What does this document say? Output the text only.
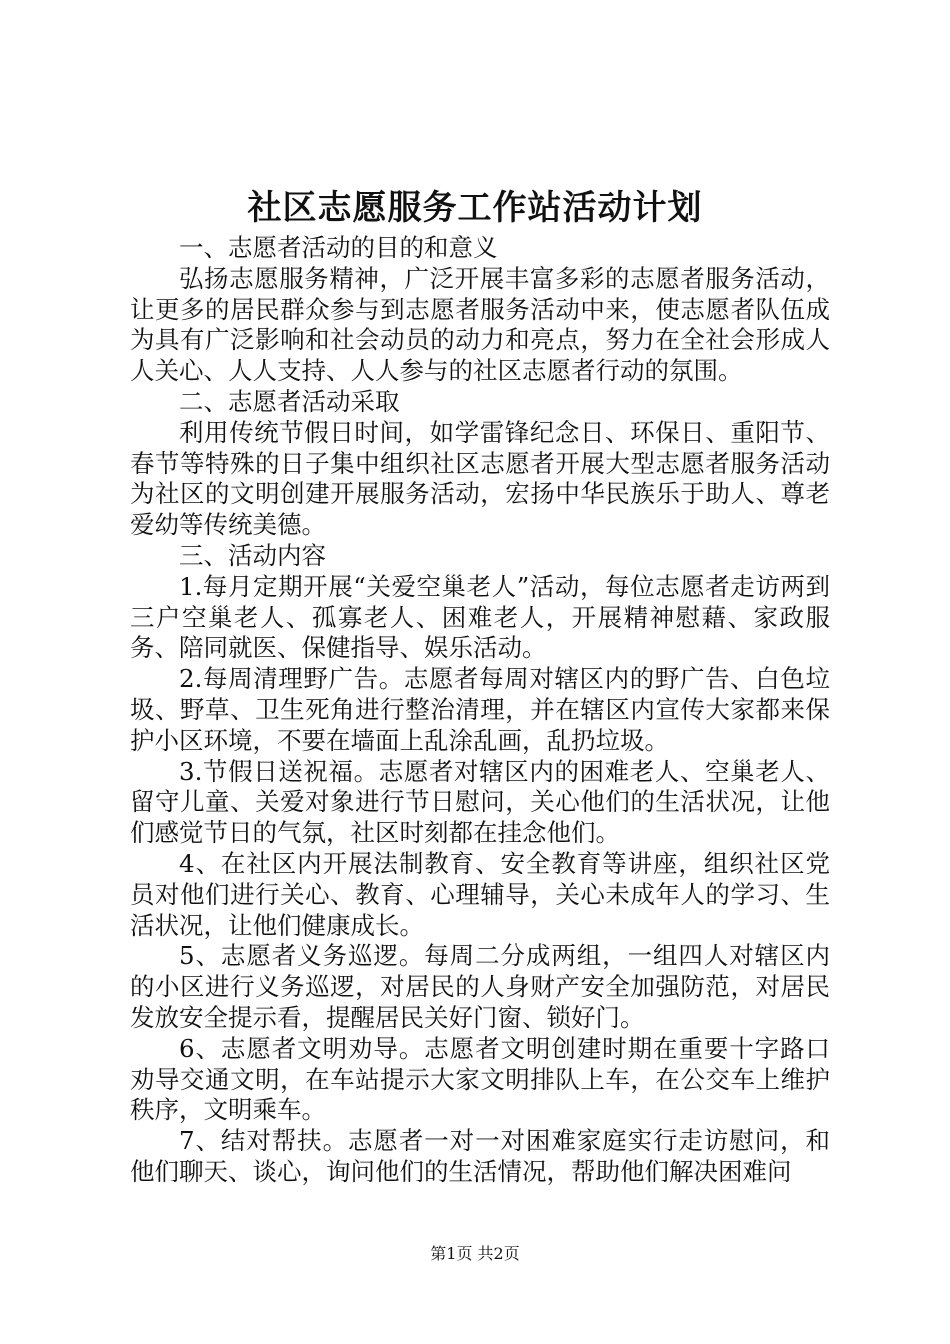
社区志愿服务工作站活动计划

一、志愿者活动的目的和意义

弘扬志愿服务精神，广泛开展丰富多彩的志愿者服务活动，让更多的居民群众参与到志愿者服务活动中来，使志愿者队伍成为具有广泛影响和社会动员的动力和亮点，努力在全社会形成人人关心、人人支持、人人参与的社区志愿者行动的氛围。

二、志愿者活动采取

利用传统节假日时间，如学雷锋纪念日、环保日、重阳节、春节等特殊的日子集中组织社区志愿者开展大型志愿者服务活动为社区的文明创建开展服务活动，宏扬中华民族乐于助人、尊老爱幼等传统美德。

三、活动内容

1.每月定期开展“关爱空巢老人”活动，每位志愿者走访两到三户空巢老人、孤寡老人、困难老人，开展精神慰藉、家政服务、陪同就医、保健指导、娱乐活动。

2.每周清理野广告。志愿者每周对辖区内的野广告、白色垃圾、野草、卫生死角进行整治清理，并在辖区内宣传大家都来保护小区环境，不要在墙面上乱涂乱画，乱扔垃圾。

3.节假日送祝福。志愿者对辖区内的困难老人、空巢老人、留守儿童、关爱对象进行节日慰问，关心他们的生活状况，让他们感觉节日的气氛，社区时刻都在挂念他们。

4、在社区内开展法制教育、安全教育等讲座，组织社区党员对他们进行关心、教育、心理辅导，关心未成年人的学习、生活状况，让他们健康成长。

5、志愿者义务巡逻。每周二分成两组，一组四人对辖区内的小区进行义务巡逻，对居民的人身财产安全加强防范，对居民发放安全提示看，提醒居民关好门窗、锁好门。

6、志愿者文明劝导。志愿者文明创建时期在重要十字路口劝导交通文明，在车站提示大家文明排队上车，在公交车上维护秩序，文明乘车。

7、结对帮扶。志愿者一对一对困难家庭实行走访慰问，和他们聊天、谈心，询问他们的生活情况，帮助他们解决困难问

第1页 共2页
